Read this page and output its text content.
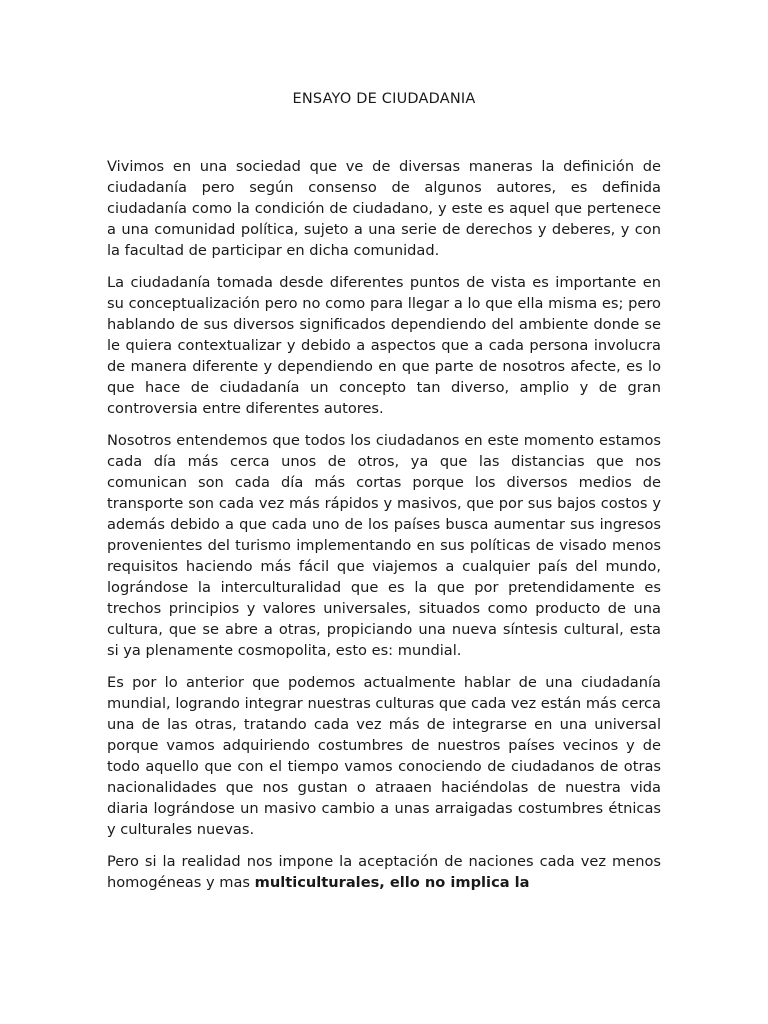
ENSAYO DE CIUDADANIA

Vivimos en una sociedad que ve de diversas maneras la definición de ciudadanía pero según consenso de algunos autores, es definida ciudadanía como la condición de ciudadano, y este es aquel que pertenece a una comunidad política, sujeto a una serie de derechos y deberes, y con la facultad de participar en dicha comunidad.

La ciudadanía tomada desde diferentes puntos de vista es importante en su conceptualización pero no como para llegar a lo que ella misma es; pero hablando de sus diversos significados dependiendo del ambiente donde se le quiera contextualizar y debido a aspectos que a cada persona involucra de manera diferente y dependiendo en que parte de nosotros afecte, es lo que hace de ciudadanía un concepto tan diverso, amplio y de gran controversia entre diferentes autores.

Nosotros entendemos que todos los ciudadanos en este momento estamos cada día más cerca unos de otros, ya que las distancias que nos comunican son cada día más cortas porque los diversos medios de transporte son cada vez más rápidos y masivos, que por sus bajos costos y además debido a que cada uno de los países busca aumentar sus ingresos provenientes del turismo implementando en sus políticas de visado menos requisitos haciendo más fácil que viajemos a cualquier país del mundo, lográndose la interculturalidad que es la que por pretendidamente es trechos principios y valores universales, situados como producto de una cultura, que se abre a otras, propiciando una nueva síntesis cultural, esta si ya plenamente cosmopolita, esto es: mundial.

Es por lo anterior que podemos actualmente hablar de una ciudadanía mundial, logrando integrar nuestras culturas que cada vez están más cerca una de las otras, tratando cada vez más de integrarse en una universal porque vamos adquiriendo costumbres de nuestros países vecinos y de todo aquello que con el tiempo vamos conociendo de ciudadanos de otras nacionalidades que nos gustan o atraaen haciéndolas de nuestra vida diaria lográndose un masivo cambio a unas arraigadas costumbres étnicas y culturales nuevas.

Pero si la realidad nos impone la aceptación de naciones cada vez menos homogéneas y mas multiculturales, ello no implica la
